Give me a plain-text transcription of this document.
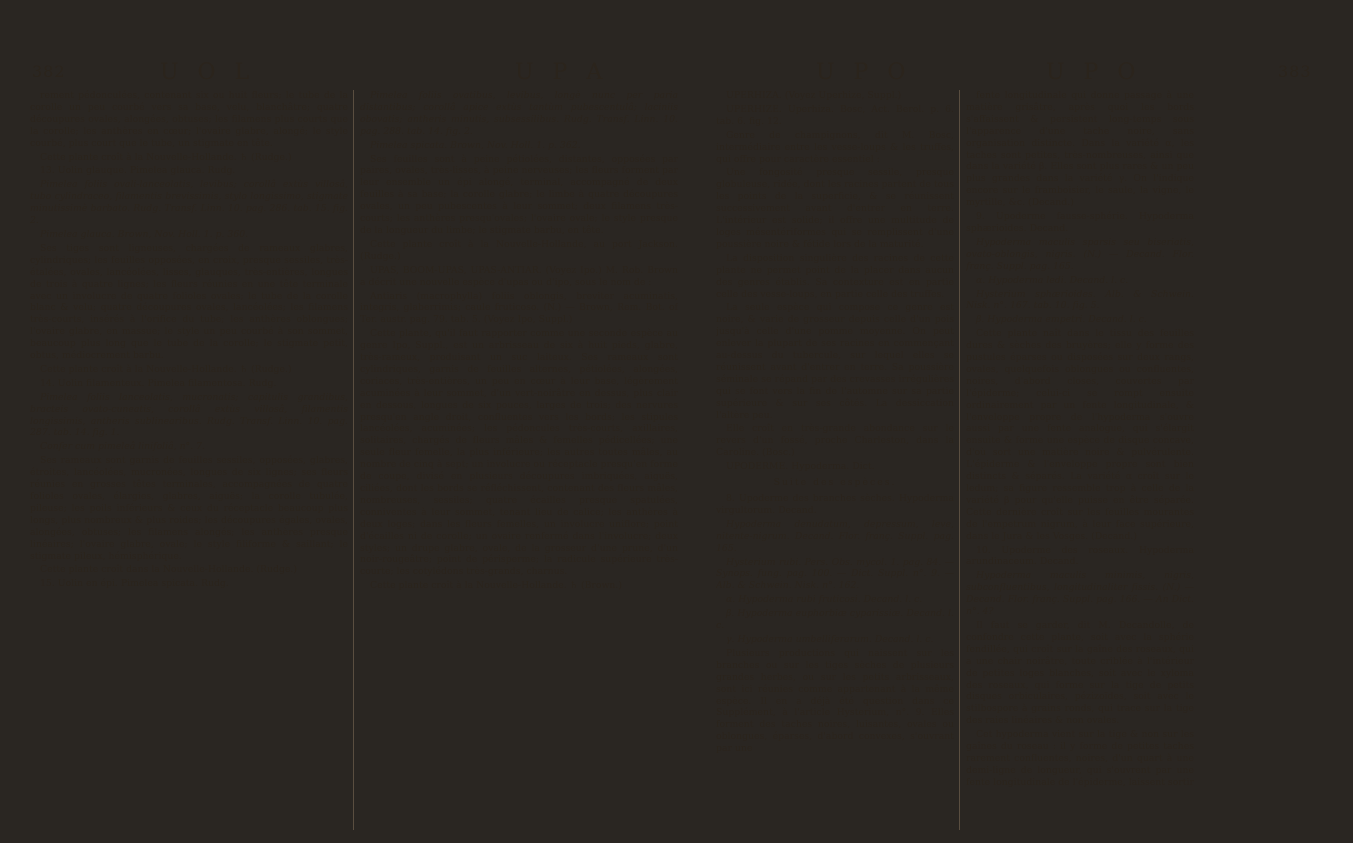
382	U O L	U P A

rement pédonculées, contenant six ou huit fleurs; le tube de la corolle un peu courbé vers sa base, velu, blanchâtre; quatre découpures ovales, alongées, obtuses; les filamens plus courts que la corolle; les anthères en cœur; l'ovaire glabre, alongé; le style courbé, plus court que le tube, un stigmate en tête.

Cette plante croît à la Nouvelle-Hollande. ♄ (Rudge.)

13. Uolin glauque. Pimelea glauca. Rudg.

Pimelea foliis ovali-lanceolatis, levibus; corollâ extùs villosâ, tubo cylindraceo, filamentis brevissimis, stylo longissimo, stigmate minutissimè barbato. Rudg. Transf. Linn. 10. pag. 286. tab. 15. fig. 2.

Pimelea glauca. Brown, Nov. Holl. 1. p. 360.

Ses tiges sont ligneuses, chargées de rameaux glabres, cylindriques; les feuilles opposées, en croix, presque sessiles, très-étalées, ovales, lancéolées, lisses, glauques, très-entières, longues de trois à quatre lignes; les fleurs réunies en une tête terminale avec un involucre de quatre folioles ovales; le tube de la corolle blanc & velu; quatre découpures ovales, lancéolées; les filamens très-courts, insérés à l'orifice du tube; les anthères oblongues; l'ovaire glabre, en massue; le style un peu courbé à son sommet, beaucoup plus long que le tube de la corolle; le stigmate petit, obtus, médiocrement barbu.

Cette plante croît à la Nouvelle-Hollande. ♄ (Rudge.)

14. Uolin filamenteux. Pimelea filamentosa. Rudg.

Pimelea foliis lanceolatis, mucronatis; capitulis grandibus, bracteis ovato-cuneatis, corollâ extùs villosâ, filamentis longissimis, antheris sublinearibus. Rudg. Transf. Linn. 10. pag. 287. tab. 14. fig. 1.

Confer cum pimeleâ linifoliâ, n°. 7.

Ses rameaux sont garnis de feuilles sessiles, opposées, glabres, étroites, lancéolées, mucronées, longues de six lignes; ses fleurs réunies en grosses têtes terminales, accompagnées de quatre folioles ovales, élargies, glabres, aiguës; la corolle tubulée, pileuse; les poils inférieurs & ceux du réceptacle beaucoup plus longs, plus nombreux & plus roides; les découpures égales, ovales, alongées, obtuses; les filamens alongés; les anthères presque linéaires; l'ovaire glabre, ovale; le style filiforme & saillant; le stigmate pileux, hémisphérique.

Cette plante croît dans la Nouvelle-Hollande. (Rudge.)

15. Uolin en épi. Pimelea spicata. Rudg.

Pimelea foliis ovatibus, levibus, longè nunc per paria distantibus; corollâ apice extùs tantùm pubescentulâ; laciniis obovatis; antheris minutis, subsessilibus. Rudg. Transf. Linn. 10. pag. 288. tab. 14. fig. 2.

Pimelea spicata. Brown, Nov. Holl. 1. p. 362.

Ses feuilles sont à peine pétiolées, distantes, opposées par paires, ovales, très-lisses, à peine nerveuses; les fleurs forment par leur ensemble un épi alongé, terminal, accompagné de deux feuilles à sa base; la corolle glabre; le limbe à quatre découpures ovales, un peu pubescentes à leur sommet; deux filamens très-courts; les anthères presqu'ovales; l'ovaire ovale; le style presque de la longueur du limbe; le stigmate barbu, en tête.

Cette plante croît à la Nouvelle-Hollande, au port Jackson. (Rudge.)

UPAS, BOOM-UPAS, UPAS-ANTIAR. (Voyez Ipo.) M. Rob. Brown a décrit une nouvelle espèce d'upas ou d'ipo, sous le nom de :

Antiaris (macrophylla) foliis oblongis, breviter acuminatis, integris, glaberrimis; caule fruticoso. (N.) — Brown, Rem. Bot. of Ter. austr. pag. 79. tab. 5. (Voyez Ipo, Suppl.)

Cette plante, qu'il faut rapporter comme une seconde espèce au genre Ipo, Suppl., est un arbrisseau de six à huit pieds, glabre, très-rameux, produisant un suc laiteux. Ses rameaux sont cylindriques, garnis de feuilles alternes, pétiolées, alongées, coriaces, très-entières, un peu en cœur à leur base, légèrement acuminées à leur sommet, d'un vert-noirâtre en dessus, plus clair en dessous, longues de six pouces, larges de trois; des nervures presqu'en angle droit, confluentes vers les bords; les stipules lancéolées, acuminées; les pédoncules très-courts, axillaires, solitaires, chargés de fleurs mâles & femelles pédicellées; une seule fleur femelle, la plus inférieure; les autres toutes mâles, au nombre de cinq à sept; un involucre ou réceptacle presqu'en forme de coupe, divisé en plusieurs découpures imbriquées, aiguës, ciliées, dont les bords se réfléchissent, contenant des fleurs mâles, nombreuses, sessiles; quatre écailles presque spatulées, conniventes à leur sommet, tenant lieu de calice; les anthères à deux loges; dans les fleurs femelles, un involucre uniflore; point d'écailles ni de corolle; un ovaire renfermé dans l'involucre; deux styles; un drupe glabre, ovale, de la grosseur d'une prune, d'un noir-rougeâtre; point de périsperme; la radicule supérieure très-courte; les cotylédons très-grands, charnus.

Cette plante croît à la Nouvelle-Hollande. ♄ (Brown.)

U P O	U P O	383

UPERHIZA. (Voyez Uperhize, Suppl.)

UPERHIZE. Uperhiza. Bosc, Act. Berol. p. 6. tab. 6. fig. 12.

Genre de champignons, dit M. Bosc, intermédiaire entre les vesse-loups & les truffes, qui offre pour caractère essentiel :

Une fongosité presque sessile, presque globuleuse, ridée, dont les racines partent de tous les points de la superficie, & se réunissent successivement avant d'entrer en terre. L'intérieur est solide; il offre une multitude de loges mésentériformes qui se remplissent d'une poussière noire & fétide lors de la maturité.

La disposition singulière des racines de cette plante ne permet point de la placer dans aucun des genres établis. Sa contexture est en partie celle des vesse-loups, en partie celle des truffes.

La seule espèce qui compose ce genre est noire, & varie de grosseur depuis celle d'un pois jusqu'à celle d'une pomme moyenne. On peut enlever la plupart de ses racines en commençant au-dessus du tubercule, sur lequel elles se réunissent avant d'entrer en terre. Sa poussière séminale se répand par des crevasses irrégulières qui se font vers la fin de l'automne sur sa partie supérieure & sur ses côtés. La dessiccation l'altère peu.

Elle croît en très-grande abondance sur le revers d'un fossé, proche Charleston, dans la Caroline. (Bosc.)

UPODERME. Hypoderma. Dict.

Suite des espèces.

8. Upoderme des branches sèches. Hypoderma virgultorum. Decand.

Hypoderma denudatum, depressum, leve, nitente-nigrum. Decand. Flor. franç. Suppl. pag. 165.

Hysterium rubi. Pers. Obs. mycol. 1. pag. 84. — Synops. fung. pag. 100. — Dict. Suppl. n°. 9. — Alb. & Schwein. Nisk. n°. 162.

α. Hypoderma rubi fruticosi. Decand. l. c.

β. Hypoderma euphorbiæ cyparissiæ. Decand. l. c.

γ. Hypoderma umbelliferarum. Decand. l. c.

Plusieurs productions qui naissent sur les branches ou sur les tiges sèches de plusieurs grandes herbes, ou sur les petits arbrisseaux, sont ici réunies comme appartenant à la même espèce. Il en a déjà été question dans ce Supplément, à l'article Hysterium, n°. 9. Elles forment des taches noires, luisantes, ovales ou oblongues, éparses, d'abord convexes, s'ouvrant par une

fente longitudinale qui donne passage à une matière grisâtre, après quoi les bords s'affaissent & persistent long-temps sous l'apparence d'une tache noire, sans organisation distincte. Dans la variété α, les taches sont petites, très-nombreuses, ainsi que dans la variété β. Elles sont plus rares & un peu plus grandes dans la variété γ. On l'indique encore sur le framboisier, le saule, la vigne, le myrtille, &c. (Decand.)

9. Upoderme fausse-sphérie. Hypoderma sphærioides. Decand.

Hypoderma maculis sparsis seu biseriatis, ovato-oblongis, nigris. (N.) — Decand. Flor. franç. Suppl. pag. 165.

α. Hypoderma ledi. Decand. l. c.

Hysterium sphærioides. Alb. & Schwein. Nisk. n°. 167. tab. 10. fig. 5.

β. Hypoderma empetri. Decand. l. c.

Cette plante naît dans le tissu des feuilles dures & sèches des bruyères; elle y forme des pustules éparses ou disposées sur deux rangs, ovales, quelquefois oblongues ou confluentes, noires, d'abord closes, couvertes par l'épiderme; celui-ci se rompt ensuite ordinairement par un fente longitudinale, & l'enveloppe propre de l'hypoderma s'ouvre aussi par une fente analogue, qui s'élargit ensuite & forme une espèce de disque concave, d'où sort une matière noire & pulvérulente. L'épiderme & l'enveloppe propre sont bien distincts & séparés. La variété α croît sur le ledum; sa figure ressemble trop à celle de la variété β pour qu'elle puisse en être séparée. Cette dernière croît sur les feuilles mourantes de l'empetrum nigrum, à leur face supérieure, dans le Jura & les Vosges. (Decand.)

10. Upoderme des roseaux. Hypoderma arundinaceum. Decand.

Hypoderma maculis minimis, nigris, subconfluentibus, longitudinaliter fissis. (N.) — Decand. Flor. franç. Suppl. pag. 166. — An Dict. n°. 4?

Il faut se garder, dit M. Decandolle, de confondre cette plante, soit avec la sphérie fendillée, qui croît sur la gaîne des roseaux, qui a une chair noirâtre, toute criblée à l'intérieur de petites loges blanches, soit avec le xyloma des roseaux, qui forme sur la tige de petits disques orbiculaires, pézizoïdes, soit avec le stilbospore à grains ronds, qui trace sur la tige des raies linéaires & non ovales.

Cet hypoderma vient sur la tige & non sur les gaînes du roseau : il y forme de petites taches rarement confluentes, noires, d'un quart à une demi-ligne de longueur, qui s'ouvrent par une fente longitudinale de l'épiderme, laissent sortir
